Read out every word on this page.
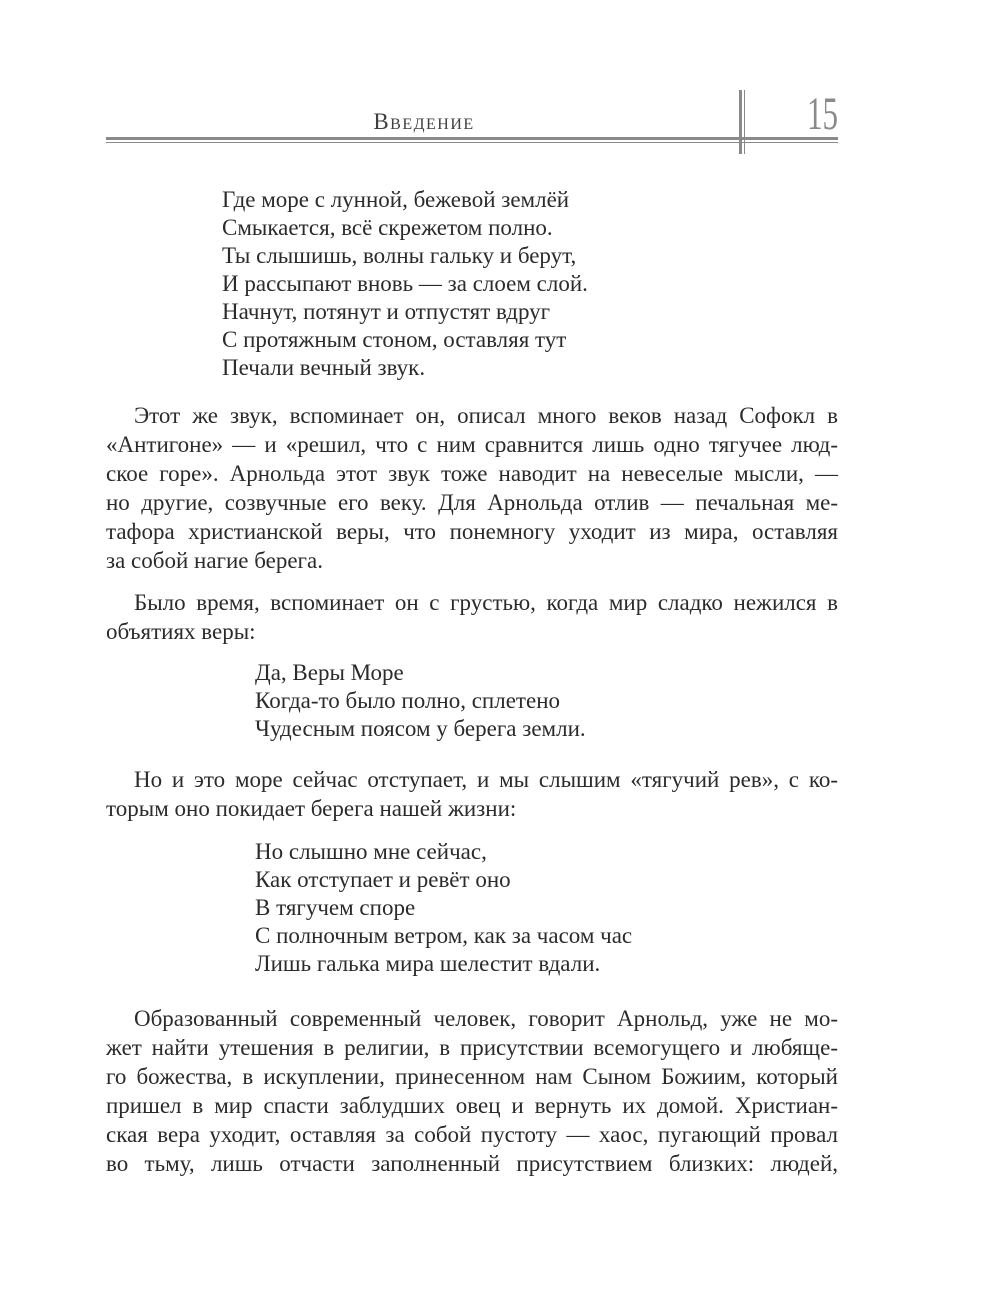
Введение	15
Где море с лунной, бежевой землёй
Смыкается, всё скрежетом полно.
Ты слышишь, волны гальку и берут,
И рассыпают вновь — за слоем слой.
Начнут, потянут и отпустят вдруг
С протяжным стоном, оставляя тут
Печали вечный звук.
Этот же звук, вспоминает он, описал много веков назад Софокл в
«Антигоне» — и «решил, что с ним сравнится лишь одно тягучее люд-
ское горе». Арнольда этот звук тоже наводит на невеселые мысли, —
но другие, созвучные его веку. Для Арнольда отлив — печальная ме-
тафора христианской веры, что понемногу уходит из мира, оставляя
за собой нагие берега.
Было время, вспоминает он с грустью, когда мир сладко нежился в
объятиях веры:
Да, Веры Море
Когда-то было полно, сплетено
Чудесным поясом у берега земли.
Но и это море сейчас отступает, и мы слышим «тягучий рев», с ко-
торым оно покидает берега нашей жизни:
Но слышно мне сейчас,
Как отступает и ревёт оно
В тягучем споре
С полночным ветром, как за часом час
Лишь галька мира шелестит вдали.
Образованный современный человек, говорит Арнольд, уже не мо-
жет найти утешения в религии, в присутствии всемогущего и любяще-
го божества, в искуплении, принесенном нам Сыном Божиим, который
пришел в мир спасти заблудших овец и вернуть их домой. Христиан-
ская вера уходит, оставляя за собой пустоту — хаос, пугающий провал
во тьму, лишь отчасти заполненный присутствием близких: людей,
